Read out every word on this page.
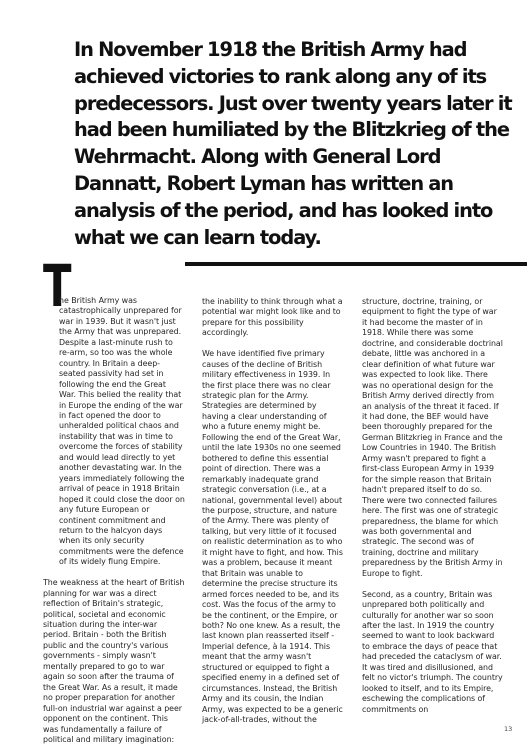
In November 1918 the British Army had achieved victories to rank along any of its predecessors. Just over twenty years later it had been humiliated by the Blitzkrieg of the Wehrmacht. Along with General Lord Dannatt, Robert Lyman has written an analysis of the period, and has looked into what we can learn today.
T

he British Army was catastrophically unprepared for war in 1939. But it wasn't just the Army that was unprepared. Despite a last-minute rush to re-arm, so too was the whole country. In Britain a deep-seated passivity had set in following the end the Great War. This belied the reality that in Europe the ending of the war in fact opened the door to unheralded political chaos and instability that was in time to overcome the forces of stability and would lead directly to yet another devastating war. In the years immediately following the arrival of peace in 1918 Britain hoped it could close the door on any future European or continent commitment and return to the halcyon days when its only security commitments were the defence of its widely flung Empire.

The weakness at the heart of British planning for war was a direct reflection of Britain's strategic, political, societal and economic situation during the inter-war period. Britain - both the British public and the country's various governments - simply wasn't mentally prepared to go to war again so soon after the trauma of the Great War. As a result, it made no proper preparation for another full-on industrial war against a peer opponent on the continent. This was fundamentally a failure of political and military imagination:

the inability to think through what a potential war might look like and to prepare for this possibility accordingly.

We have identified five primary causes of the decline of British military effectiveness in 1939. In the first place there was no clear strategic plan for the Army. Strategies are determined by having a clear understanding of who a future enemy might be. Following the end of the Great War, until the late 1930s no one seemed bothered to define this essential point of direction. There was a remarkably inadequate grand strategic conversation (i.e., at a national, governmental level) about the purpose, structure, and nature of the Army. There was plenty of talking, but very little of it focused on realistic determination as to who it might have to fight, and how. This was a problem, because it meant that Britain was unable to determine the precise structure its armed forces needed to be, and its cost. Was the focus of the army to be the continent, or the Empire, or both? No one knew. As a result, the last known plan reasserted itself - Imperial defence, à la 1914. This meant that the army wasn't structured or equipped to fight a specified enemy in a defined set of circumstances. Instead, the British Army and its cousin, the Indian Army, was expected to be a generic jack-of-all-trades, without the

structure, doctrine, training, or equipment to fight the type of war it had become the master of in 1918. While there was some doctrine, and considerable doctrinal debate, little was anchored in a clear definition of what future war was expected to look like. There was no operational design for the British Army derived directly from an analysis of the threat it faced. If it had done, the BEF would have been thoroughly prepared for the German Blitzkrieg in France and the Low Countries in 1940. The British Army wasn't prepared to fight a first-class European Army in 1939 for the simple reason that Britain hadn't prepared itself to do so. There were two connected failures here. The first was one of strategic preparedness, the blame for which was both governmental and strategic. The second was of training, doctrine and military preparedness by the British Army in Europe to fight.

Second, as a country, Britain was unprepared both politically and culturally for another war so soon after the last. In 1919 the country seemed to want to look backward to embrace the days of peace that had preceded the cataclysm of war. It was tired and disillusioned, and felt no victor's triumph. The country looked to itself, and to its Empire, eschewing the complications of commitments on

13
